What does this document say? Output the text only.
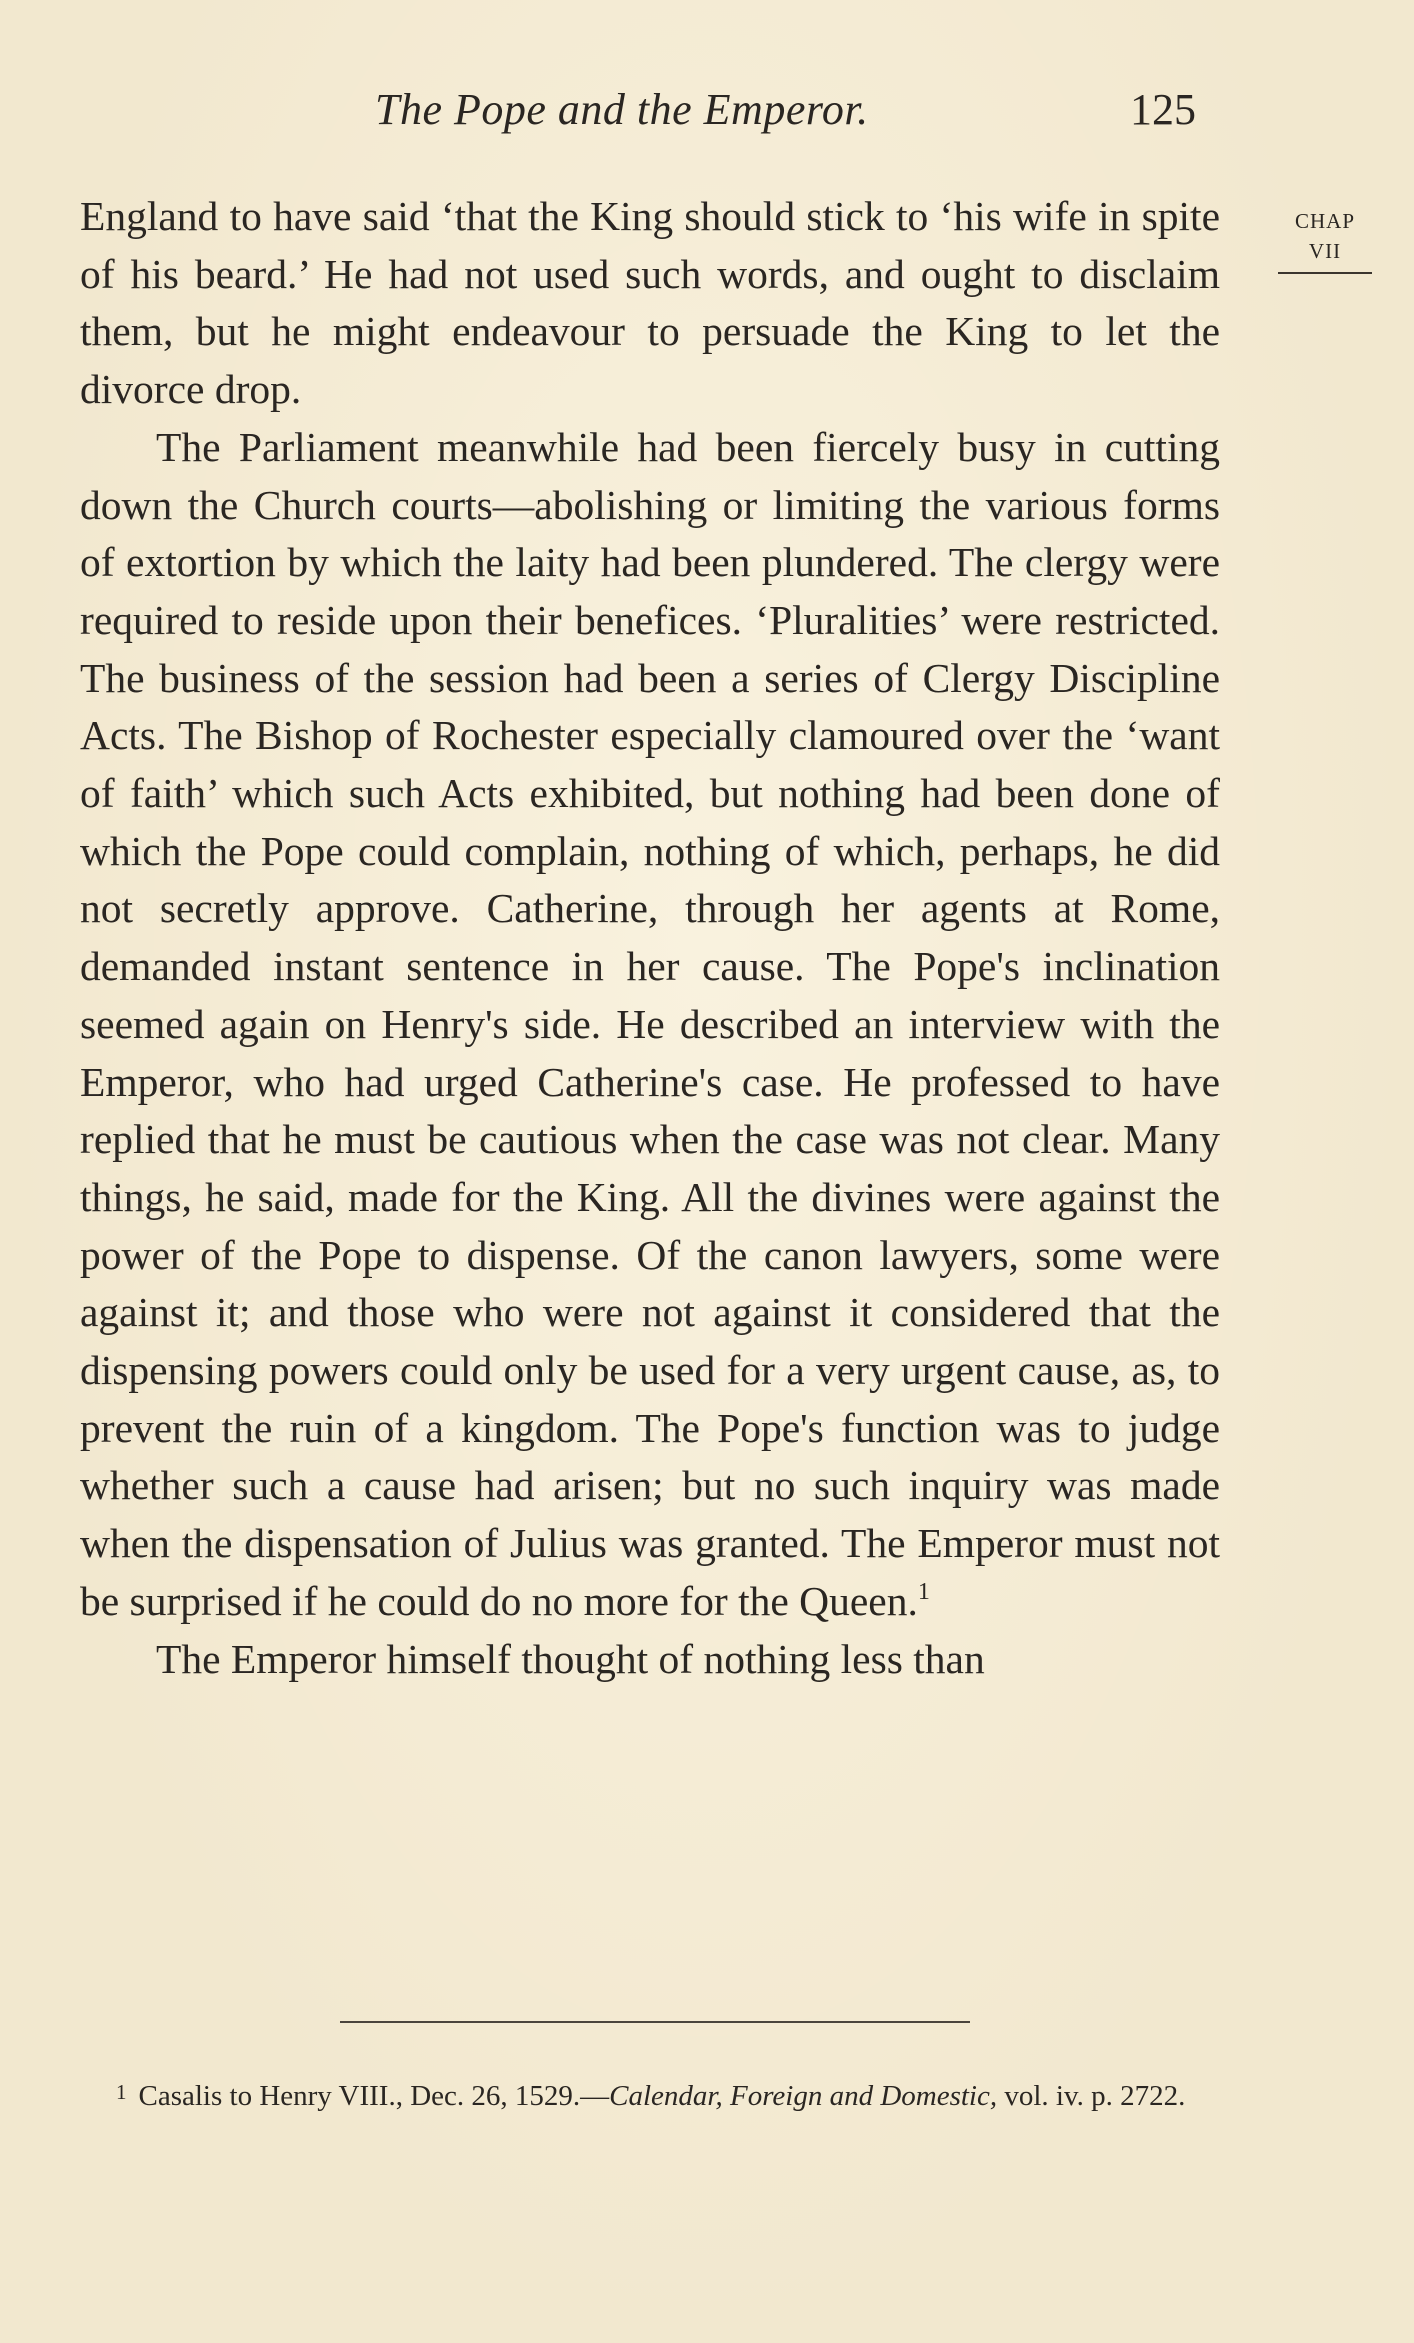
The Pope and the Emperor.	125
CHAP
VII

England to have said ‘that the King should stick to ‘his wife in spite of his beard.’ He had not used such words, and ought to disclaim them, but he might endeavour to persuade the King to let the divorce drop.

The Parliament meanwhile had been fiercely busy in cutting down the Church courts—abolishing or limiting the various forms of extortion by which the laity had been plundered. The clergy were required to reside upon their benefices. ‘Pluralities’ were restricted. The business of the session had been a series of Clergy Discipline Acts. The Bishop of Rochester especially clamoured over the ‘want of faith’ which such Acts exhibited, but nothing had been done of which the Pope could complain, nothing of which, perhaps, he did not secretly approve. Catherine, through her agents at Rome, demanded instant sentence in her cause. The Pope's inclination seemed again on Henry's side. He described an interview with the Emperor, who had urged Catherine's case. He professed to have replied that he must be cautious when the case was not clear. Many things, he said, made for the King. All the divines were against the power of the Pope to dispense. Of the canon lawyers, some were against it; and those who were not against it considered that the dispensing powers could only be used for a very urgent cause, as, to prevent the ruin of a kingdom. The Pope's function was to judge whether such a cause had arisen; but no such inquiry was made when the dispensation of Julius was granted. The Emperor must not be surprised if he could do no more for the Queen.$^1$

The Emperor himself thought of nothing less than

$^1$ Casalis to Henry VIII., Dec. 26, 1529.—Calendar, Foreign and Domestic, vol. iv. p. 2722.
